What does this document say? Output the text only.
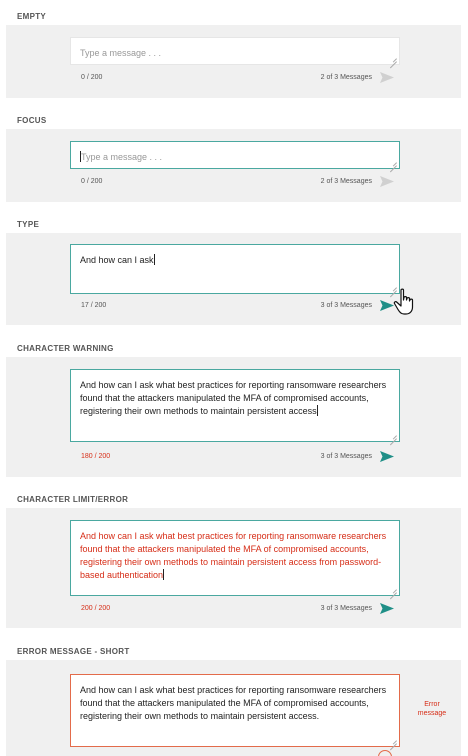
EMPTY
Type a message . . .
0 / 200	2 of 3 Messages
FOCUS
Type a message . . .
0 / 200	2 of 3 Messages
TYPE
And how can I ask
17 / 200	3 of 3 Messages
CHARACTER WARNING
And how can I ask what best practices for reporting ransomware researchers found that the attackers manipulated the MFA of compromised accounts, registering their own methods to maintain persistent access
180 / 200	3 of 3 Messages
CHARACTER LIMIT/ERROR
And how can I ask what best practices for reporting ransomware researchers found that the attackers manipulated the MFA of compromised accounts, registering their own methods to maintain persistent access from password-based authentication
200 / 200	3 of 3 Messages
ERROR MESSAGE - SHORT
And how can I ask what best practices for reporting ransomware researchers found that the attackers manipulated the MFA of compromised accounts, registering their own methods to maintain persistent access.
Error message
